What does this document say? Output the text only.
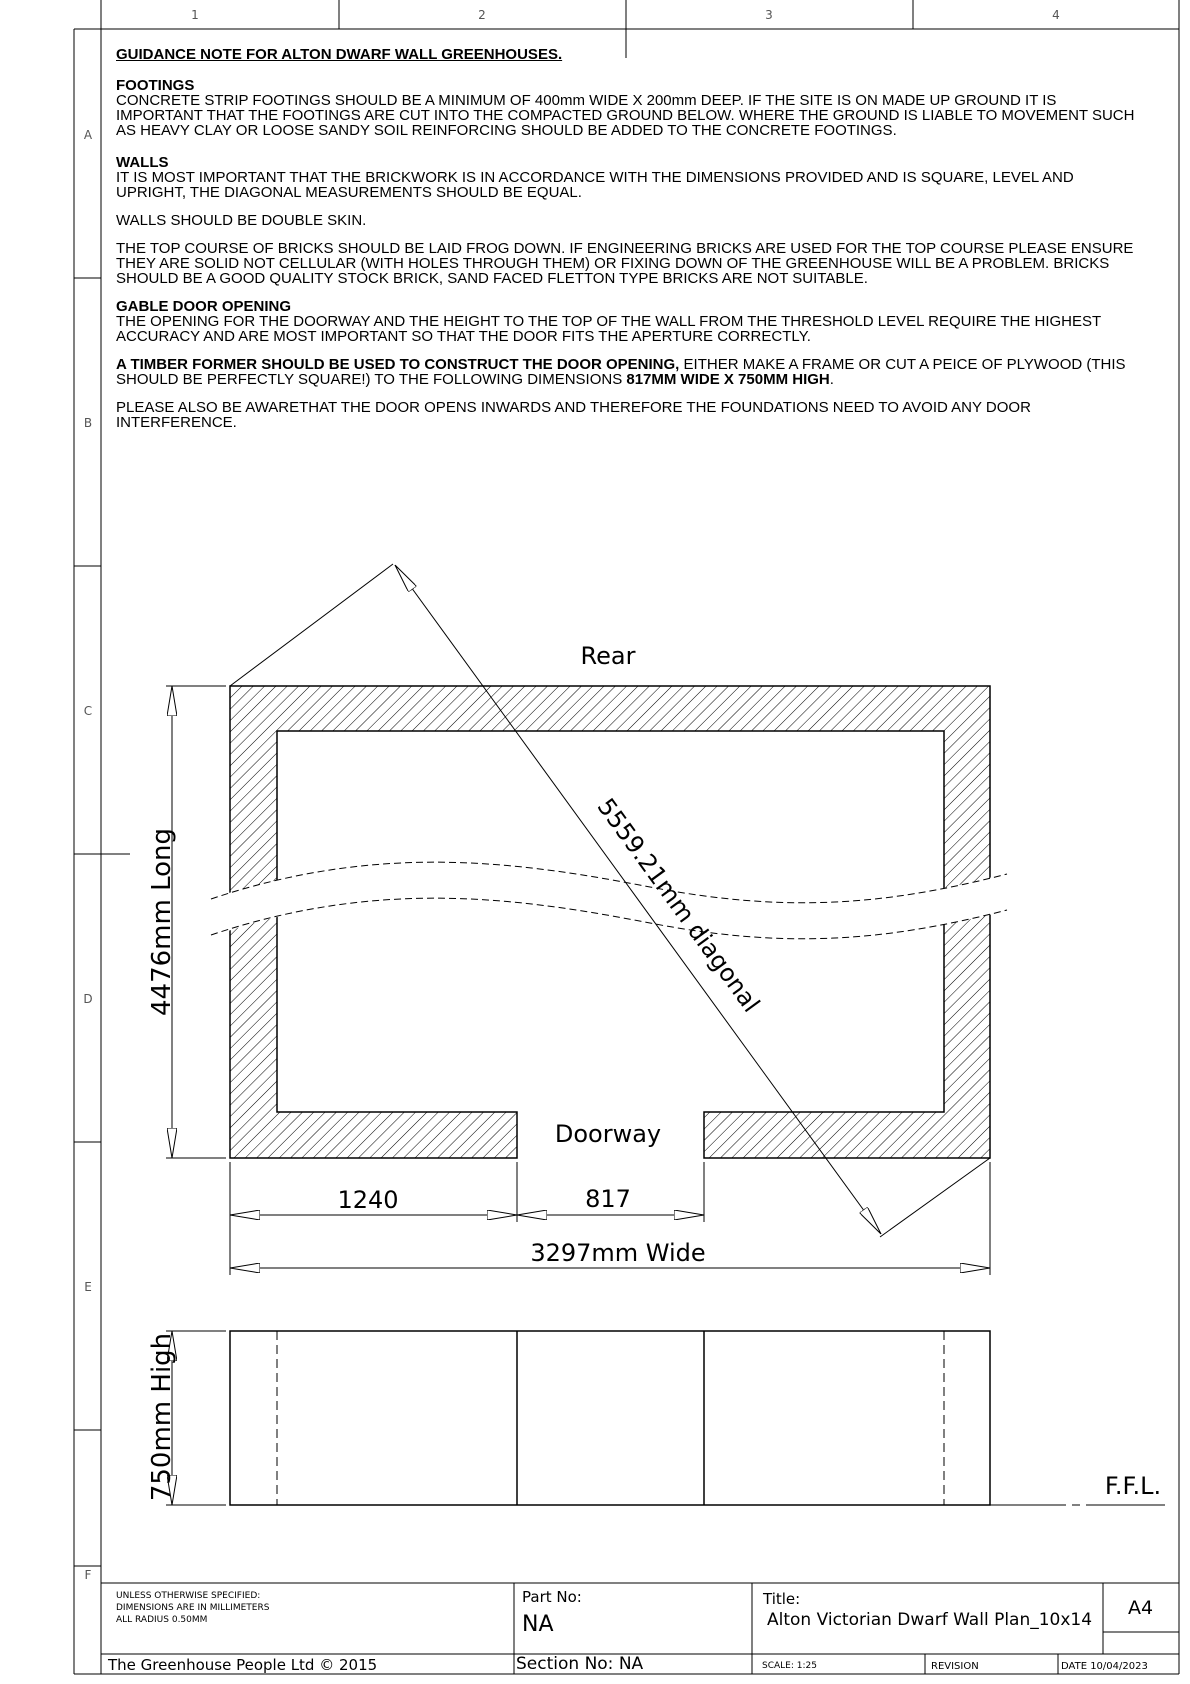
1	2	3	4
A
B
C
D
E
F
4476mm Long
1240	817
3297mm Wide
5559.21mm diagonal
Rear
Doorway
750mm High	F.F.L.
GUIDANCE NOTE FOR ALTON DWARF WALL GREENHOUSES.

FOOTINGS
CONCRETE STRIP FOOTINGS SHOULD BE A MINIMUM OF 400mm WIDE X 200mm DEEP. IF THE SITE IS ON MADE UP GROUND IT IS IMPORTANT THAT THE FOOTINGS ARE CUT INTO THE COMPACTED GROUND BELOW. WHERE THE GROUND IS LIABLE TO MOVEMENT SUCH AS HEAVY CLAY OR LOOSE SANDY SOIL REINFORCING SHOULD BE ADDED TO THE CONCRETE FOOTINGS.

WALLS
IT IS MOST IMPORTANT THAT THE BRICKWORK IS IN ACCORDANCE WITH THE DIMENSIONS PROVIDED AND IS SQUARE, LEVEL AND UPRIGHT, THE DIAGONAL MEASUREMENTS SHOULD BE EQUAL.

WALLS SHOULD BE DOUBLE SKIN.

THE TOP COURSE OF BRICKS SHOULD BE LAID FROG DOWN. IF ENGINEERING BRICKS ARE USED FOR THE TOP COURSE PLEASE ENSURE THEY ARE SOLID NOT CELLULAR (WITH HOLES THROUGH THEM) OR FIXING DOWN OF THE GREENHOUSE WILL BE A PROBLEM. BRICKS SHOULD BE A GOOD QUALITY STOCK BRICK, SAND FACED FLETTON TYPE BRICKS ARE NOT SUITABLE.

GABLE DOOR OPENING
THE OPENING FOR THE DOORWAY AND THE HEIGHT TO THE TOP OF THE WALL FROM THE THRESHOLD LEVEL REQUIRE THE HIGHEST ACCURACY AND ARE MOST IMPORTANT SO THAT THE DOOR FITS THE APERTURE CORRECTLY.

A TIMBER FORMER SHOULD BE USED TO CONSTRUCT THE DOOR OPENING, EITHER MAKE A FRAME OR CUT A PEICE OF PLYWOOD (THIS SHOULD BE PERFECTLY SQUARE!) TO THE FOLLOWING DIMENSIONS 817MM WIDE X 750MM HIGH.

PLEASE ALSO BE AWARETHAT THE DOOR OPENS INWARDS AND THEREFORE THE FOUNDATIONS NEED TO AVOID ANY DOOR INTERFERENCE.

UNLESS OTHERWISE SPECIFIED:
DIMENSIONS ARE IN MILLIMETERS
ALL RADIUS 0.50MM
Part No:
NA
Title:
Alton Victorian Dwarf Wall Plan_10x14
A4
The Greenhouse People Ltd © 2015	Section No: NA	SCALE: 1:25	REVISION	DATE 10/04/2023
